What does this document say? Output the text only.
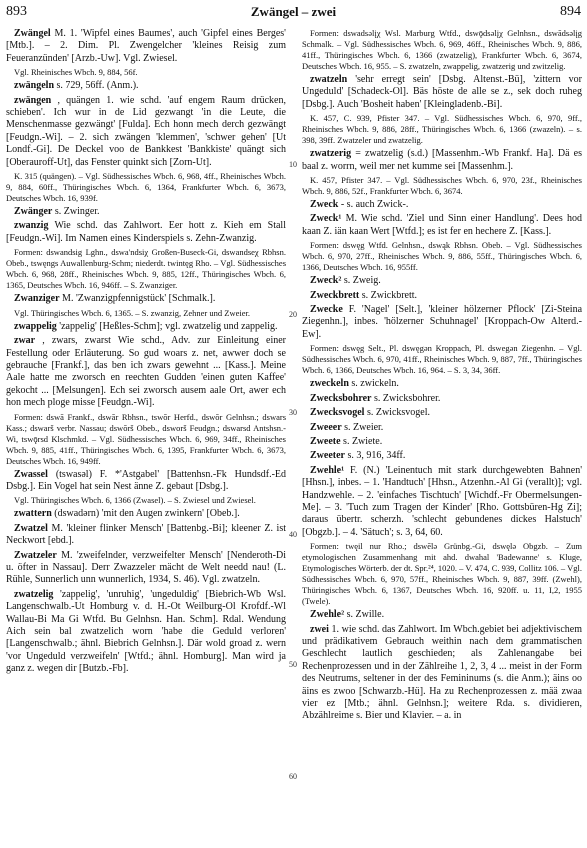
893	Zwängel – zwei	894

Zwängel M. 1. 'Wipfel eines Baumes', auch 'Gipfel eines Berges' [Mtb.]. – 2. Dim. Pl. Zwengelcher 'kleines Reisig zum Feueranzünden' [Arzb.-Uw]. Vgl. Zwiesel.

Vgl. Rheinisches Wbch. 9, 884, 56f.

zwängeln s. 729, 56ff. (Anm.).

zwängen , quängen 1. wie schd. 'auf engem Raum drücken, schieben'. Ich wur in de Lid gezwangt 'in die Leute, die Menschenmasse gezwängt' [Fulda]. Ech honn mech derch gezwängt [Feudgn.-Wi]. – 2. sich zwängen 'klemmen', 'schwer gehen' [Ut Londf.-Gi]. De Deckel voo de Bankkest 'Bankkiste' quängt sich [Oberauroff-Ut], das Fenster quinkt sich [Zorn-Ut].

K. 315 (quängen). – Vgl. Südhessisches Wbch. 6, 968, 4ff., Rheinisches Wbch. 9, 884, 60ff., Thüringisches Wbch. 6, 1364, Frankfurter Wbch. 6, 3673, Deutsches Wbch. 16, 939f.

Zwänger s. Zwinger.

zwanzig Wie schd. das Zahlwort. Eer hott z. Kieh em Stall [Feudgn.-Wi]. Im Namen eines Kinderspiels s. Zehn-Zwanzig.

Formen: dswandsig Lghn., dswa'ndsiχ Großen-Buseck-Gi, dswandseχ Rbhsn. Obeb., tswęngs Auwallenburg-Schm; niederdt. twintęg Rho. – Vgl. Südhessisches Wbch. 6, 968, 28ff., Rheinisches Wbch. 9, 885, 12ff., Thüringisches Wbch. 6, 1365, Deutsches Wbch. 16, 946ff. – S. Zwanziger.

Zwanziger M. 'Zwanzigpfennigstück' [Schmalk.].

Vgl. Thüringisches Wbch. 6, 1365. – S. zwanzig, Zehner und Zweier.

zwappelig 'zappelig' [Heßles-Schm]; vgl. zwatzelig und zappelig.

zwar , zwars, zwarst Wie schd., Adv. zur Einleitung einer Festellung oder Erläuterung. So gud woars z. net, awwer doch se gebrauche [Frankf.], das ben ich zwars gewehnt ... [Kass.]. Meine Aale hatte me zworsch en reechten Gudden 'einen guten Kaffee' gekocht ... [Melsungen]. Ech sei zworsch ausem aale Ort, awer ech hon mech ploge misse [Feudgn.-Wi].

Formen: dswā Frankf., dswār Rbhsn., tswōr Herfd., dswōr Gelnhsn.; dswars Kass.; dswarš verbr. Nassau; dswōrš Obeb., dsworš Feudgn.; dswarsd Antshsn.-Wi, tswǭrsd Klschmkd. – Vgl. Südhessisches Wbch. 6, 969, 34ff., Rheinisches Wbch. 9, 885, 41ff., Thüringisches Wbch. 6, 1395, Frankfurter Wbch. 6, 3673, Deutsches Wbch. 16, 949ff.

Zwassel (tswasəl) F. *'Astgabel' [Battenhsn.-Fk Hundsdf.-Ed Dsbg.]. Ein Vogel hat sein Nest änne Z. gebaut [Dsbg.].

Vgl. Thüringisches Wbch. 6, 1366 (Zwasel). – S. Zwiesel und Zwiesel.

zwattern (dswadərn) 'mit den Augen zwinkern' [Obeb.].

Zwatzel M. 'kleiner flinker Mensch' [Battenbg.-Bi]; kleener Z. ist Neckwort [ebd.].

Zwatzeler M. 'zweifelnder, verzweifelter Mensch' [Nenderoth-Di u. öfter in Nassau]. Derr Zwazzeler mächt de Welt needd nau! (L. Rühle, Sunnerlich unn wunnerlich, 1934, S. 46). Vgl. zwatzeln.

zwatzelig 'zappelig', 'unruhig', 'ungeduldig' [Biebrich-Wb Wsl. Langenschwalb.-Ut Homburg v. d. H.-Ot Weilburg-Ol Krofdf.-Wl Wallau-Bi Ma Gi Wtfd. Bu Gelnhsn. Han. Schm]. Rdal. Wendung Aich sein bal zwatzelich worn 'habe die Geduld verloren' [Langenschwalb.; ähnl. Biebrich Gelnhsn.]. Där wold groad z. wern 'vor Ungeduld verzweifeln' [Wtfd.; ähnl. Homburg]. Man wird ja ganz z. wegen dir [Butzb.-Fb].

Formen: dswadsəlįχ Wsl. Marburg Wtfd., dswǭdsəlįχ Gelnhsn., dswādsəlįg Schmalk. – Vgl. Südhessisches Wbch. 6, 969, 46ff., Rheinisches Wbch. 9, 886, 41ff., Thüringisches Wbch. 6, 1366 (zwatzelig), Frankfurter Wbch. 6, 3674, Deutsches Wbch. 16, 955. – S. zwatzeln, zwappelig, zwatzerig und zwitzelig.

zwatzeln 'sehr erregt sein' [Dsbg. Altenst.-Bü], 'zittern vor Ungeduld' [Schadeck-Ol]. Bäs höste de alle se z., sek doch ruheg [Dsbg.]. Auch 'Bosheit haben' [Kleingladenb.-Bi].

K. 457, C. 939, Pfister 347. – Vgl. Südhessisches Wbch. 6, 970, 9ff., Rheinisches Wbch. 9, 886, 28ff., Thüringisches Wbch. 6, 1366 (zwazeln). – s. 398, 39ff. Zwatzeler und zwatzelig.

zwatzerig = zwatzelig (s.d.) [Massenhm.-Wb Frankf. Ha]. Dä es baal z. worrn, weil mer net kumme sei [Massenhm.].

K. 457, Pfister 347. – Vgl. Südhessisches Wbch. 6, 970, 23f., Rheinisches Wbch. 9, 886, 52f., Frankfurter Wbch. 6, 3674.

Zweck - s. auch Zwick-.

Zweck¹ M. Wie schd. 'Ziel und Sinn einer Handlung'. Dees hod kaan Z. iän kaan Wert [Wtfd.]; es ist fer en hechere Z. [Kass.].

Formen: dswęg Wtfd. Gelnhsn., dswąk Rbhsn. Obeb. – Vgl. Südhessisches Wbch. 6, 970, 27ff., Rheinisches Wbch. 9, 886, 55ff., Thüringisches Wbch. 6, 1366, Deutsches Wbch. 16, 955ff.

Zweck² s. Zweig.

Zweckbrett s. Zwickbrett.

Zwecke F. 'Nagel' [Selt.], 'kleiner hölzerner Pflock' [Zi-Steina Ziegenhn.], inbes. 'hölzerner Schuhnagel' [Kroppach-Ow Alterd.-Ew].

Formen: dswęg Selt., Pl. dswęgən Kroppach, Pl. dswegən Ziegenhn. – Vgl. Südhessisches Wbch. 6, 970, 41ff., Rheinisches Wbch. 9, 887, 7ff., Thüringisches Wbch. 6, 1366, Deutsches Wbch. 16, 964. – S. 3, 34, 36ff.

zweckeln s. zwickeln.

Zwecksbohrer s. Zwicksbohrer.

Zwecksvogel s. Zwicksvogel.

Zweeer s. Zweier.

Zweete s. Zwiete.

Zweeter s. 3, 916, 34ff.

Zwehle¹ F. (N.) 'Leinentuch mit stark durchgewebten Bahnen' [Hhsn.], inbes. – 1. 'Handtuch' [Hhsn., Atzenhn.-Al Gi (verallt)]; vgl. Handzwehle. – 2. 'einfaches Tischtuch' [Wichdf.-Fr Obermelsungen-Me]. – 3. 'Tuch zum Tragen der Kinder' [Rho. Gottsbüren-Hg Zi]; daraus übertr. scherzh. 'schlecht gebundenes dickes Halstuch' [Obgzb.]. – 4. 'Sätuch'; s. 3, 64, 60.

Formen: twęil nur Rho.; dswēlə Grünbg.-Gi, dswęlə Obgzb. – Zum etymologischen Zusammenhang mit ahd. dwahal 'Badewanne' s. Kluge, Etymologisches Wörterb. der dt. Spr.²⁴, 1020. – V. 474, C. 939, Collitz 106. – Vgl. Südhessisches Wbch. 6, 970, 57ff., Rheinisches Wbch. 9, 887, 39ff. (Zwehl), Thüringisches Wbch. 6, 1367, Deutsches Wbch. 16, 920ff. u. 11, I,2, 1955 (Twele).

Zwehle² s. Zwille.

zwei 1. wie schd. das Zahlwort. Im Wbch.gebiet bei adjektivischem und prädikativem Gebrauch weithin nach dem grammatischen Geschlecht lautlich geschieden; als Zahlenangabe bei Rechenprozessen und in der Zählreihe 1, 2, 3, 4 ... meist in der Form des Neutrums, seltener in der des Femininums (s. die Anm.); äins oo äins es zwoo [Schwarzb.-Hü]. Ha zu Rechenprozessen z. mää zwaa vier ez [Mtb.; ähnl. Gelnhsn.]; weitere Rda. s. dividieren, Abzählreime s. Bier und Klavier. – a. in

10
20
30
40
50
60
